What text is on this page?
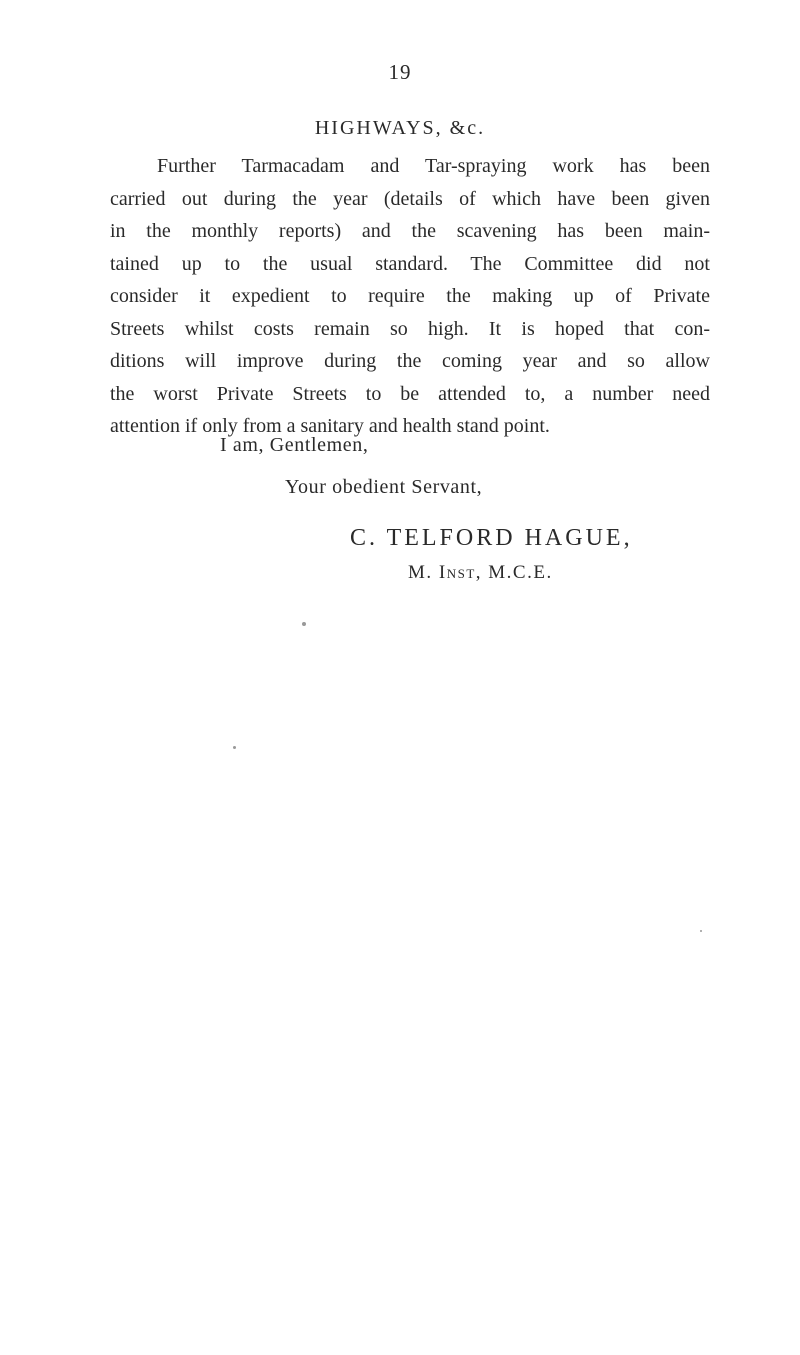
19
HIGHWAYS, &c.

Further Tarmacadam and Tar-spraying work has been
carried out during the year (details of which have been given
in the monthly reports) and the scavening has been main-
tained up to the usual standard. The Committee did not
consider it expedient to require the making up of Private
Streets whilst costs remain so high. It is hoped that con-
ditions will improve during the coming year and so allow
the worst Private Streets to be attended to, a number need
attention if only from a sanitary and health stand point.

I am, Gentlemen,
Your obedient Servant,
C. TELFORD HAGUE,
M. Inst, M.C.E.
